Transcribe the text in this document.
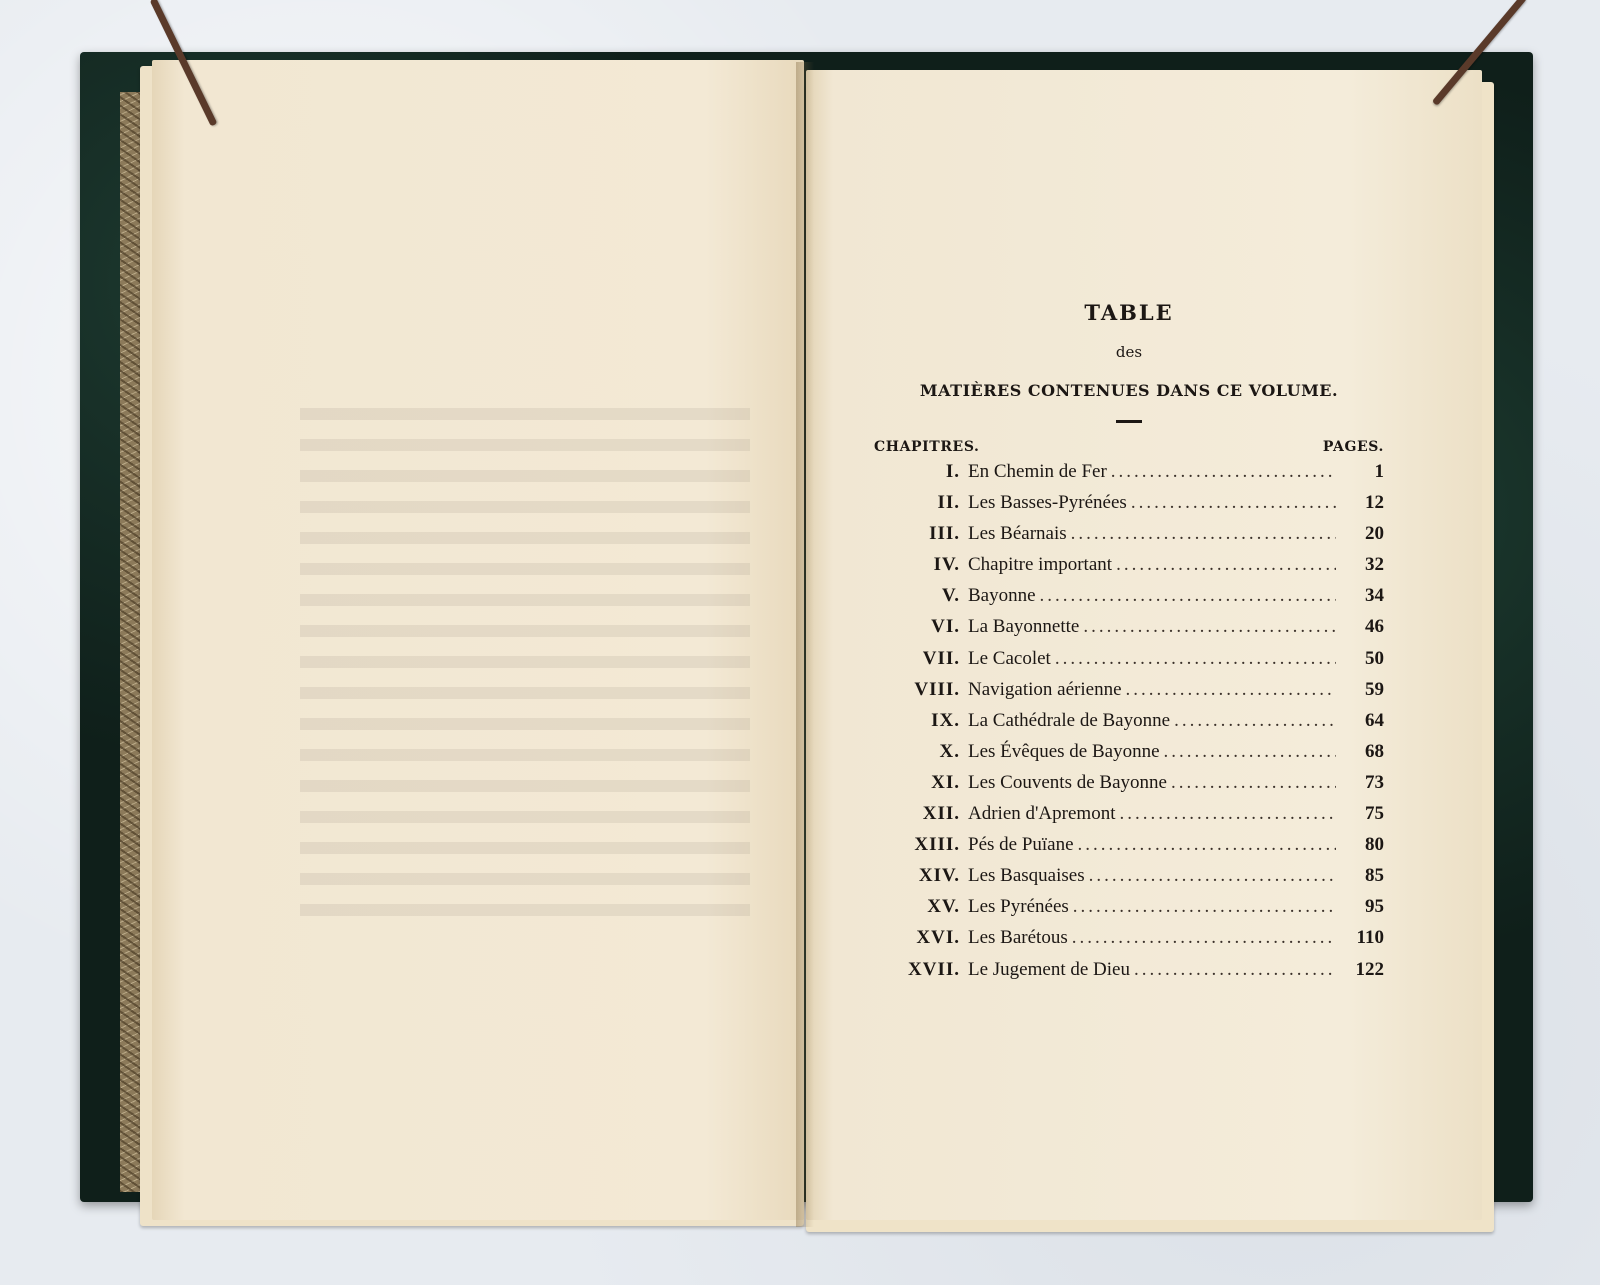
TABLE
des
MATIÈRES CONTENUES DANS CE VOLUME.
CHAPITRES.	PAGES.
I. En Chemin de Fer .....	1
II. Les Basses-Pyrénées .....	12
III. Les Béarnais .....	20
IV. Chapitre important .....	32
V. Bayonne .....	34
VI. La Bayonnette .....	46
VII. Le Cacolet .....	50
VIII. Navigation aérienne .....	59
IX. La Cathédrale de Bayonne .....	64
X. Les Évêques de Bayonne .....	68
XI. Les Couvents de Bayonne .....	73
XII. Adrien d'Apremont .....	75
XIII. Pés de Puïane .....	80
XIV. Les Basquaises .....	85
XV. Les Pyrénées .....	95
XVI. Les Barétous .....	110
XVII. Le Jugement de Dieu .....	122
